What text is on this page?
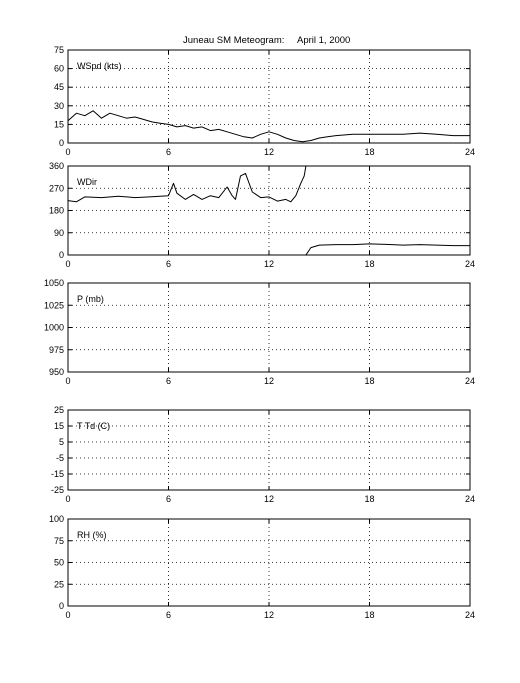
Juneau SM Meteogram: April 1, 2000
0	6	12	18	24
0
15
30
45
60
75
WSpd (kts)
0	6	12	18	24
0
90
180
270
360
WDir
0	6	12	18	24
950
975
1000
1025
1050
P (mb)
0	6	12	18	24
-25
-15
-5
5
15
25
T Td (C)
0	6	12	18	24
0
25
50
75
100
RH (%)
